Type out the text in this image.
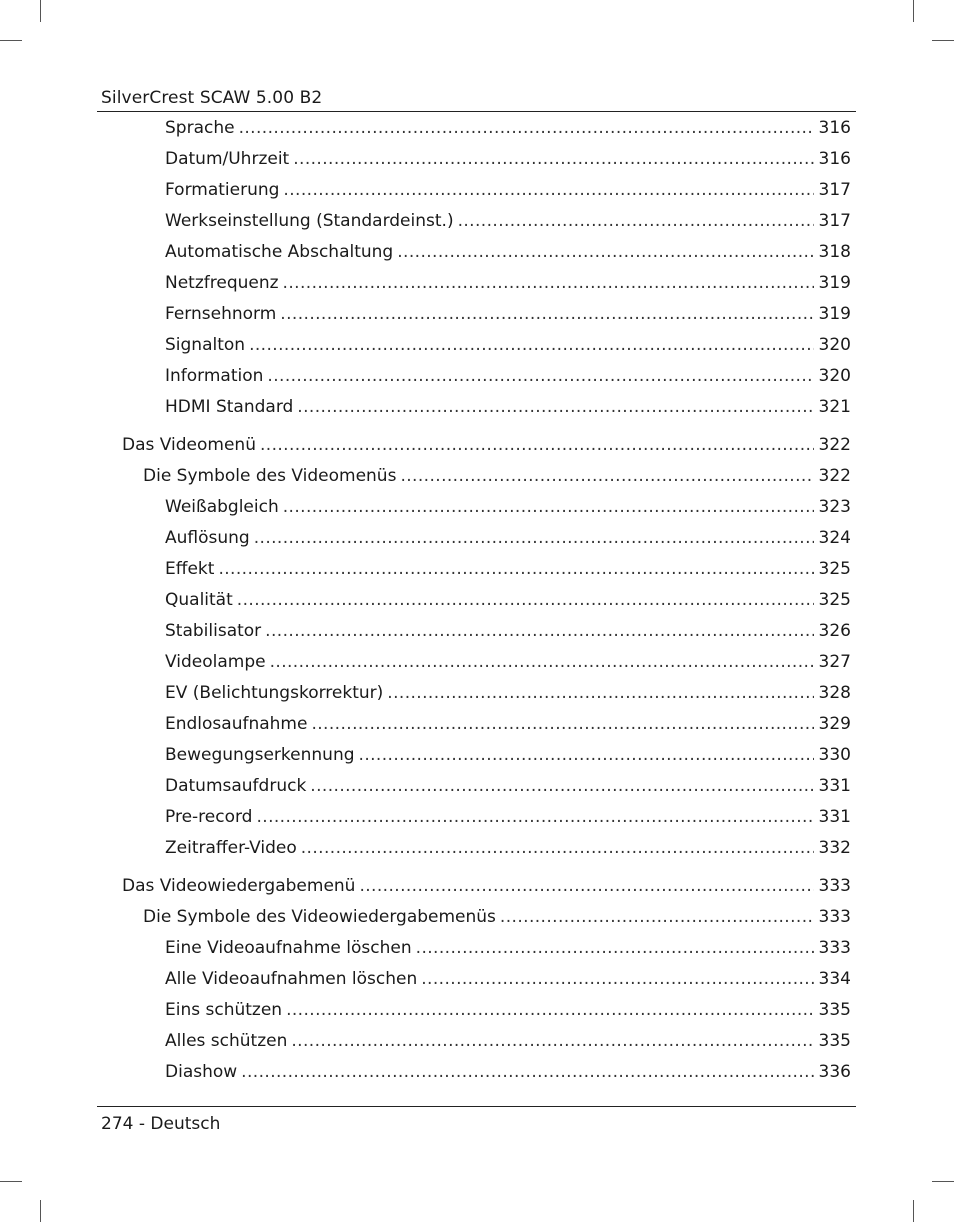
SilverCrest SCAW 5.00 B2
Sprache .....	316
Datum/Uhrzeit .....	316
Formatierung .....	317
Werkseinstellung (Standardeinst.) .....	317
Automatische Abschaltung .....	318
Netzfrequenz .....	319
Fernsehnorm .....	319
Signalton .....	320
Information .....	320
HDMI Standard .....	321
Das Videomenü .....	322
Die Symbole des Videomenüs .....	322
Weißabgleich .....	323
Auflösung .....	324
Effekt .....	325
Qualität .....	325
Stabilisator .....	326
Videolampe .....	327
EV (Belichtungskorrektur) .....	328
Endlosaufnahme .....	329
Bewegungserkennung .....	330
Datumsaufdruck .....	331
Pre-record .....	331
Zeitraffer-Video .....	332
Das Videowiedergabemenü .....	333
Die Symbole des Videowiedergabemenüs .....	333
Eine Videoaufnahme löschen .....	333
Alle Videoaufnahmen löschen .....	334
Eins schützen .....	335
Alles schützen .....	335
Diashow .....	336
274 - Deutsch
